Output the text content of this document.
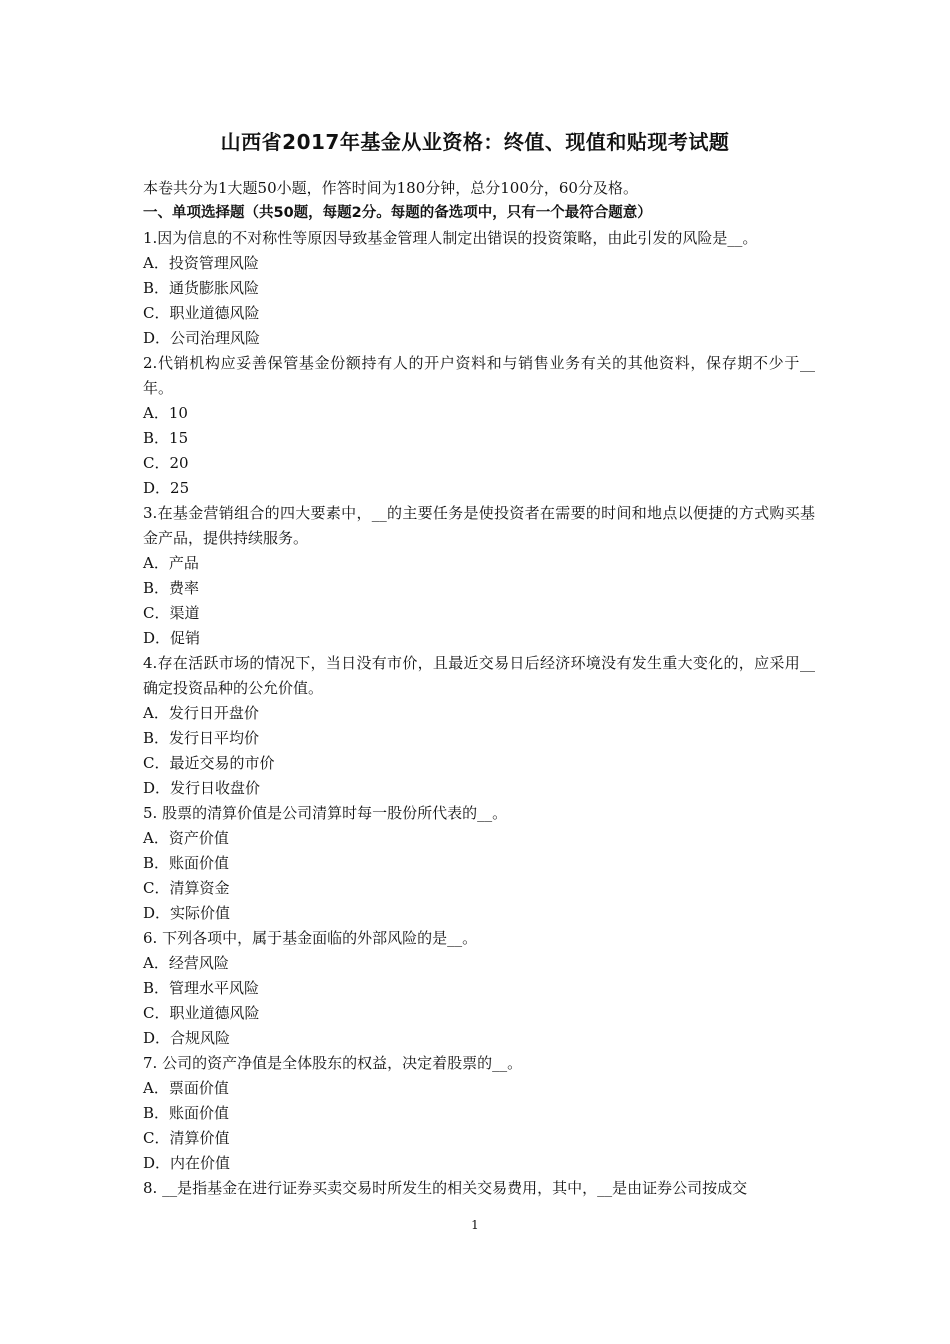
山西省2017年基金从业资格：终值、现值和贴现考试题
本卷共分为1大题50小题，作答时间为180分钟，总分100分，60分及格。
一、单项选择题（共50题，每题2分。每题的备选项中，只有一个最符合题意）
1.因为信息的不对称性等原因导致基金管理人制定出错误的投资策略，由此引发的风险是__。
A．投资管理风险
B．通货膨胀风险
C．职业道德风险
D．公司治理风险
2.代销机构应妥善保管基金份额持有人的开户资料和与销售业务有关的其他资料，保存期不少于__年。
A．10
B．15
C．20
D．25
3.在基金营销组合的四大要素中，__的主要任务是使投资者在需要的时间和地点以便捷的方式购买基金产品，提供持续服务。
A．产品
B．费率
C．渠道
D．促销
4.存在活跃市场的情况下，当日没有市价，且最近交易日后经济环境没有发生重大变化的，应采用__确定投资品种的公允价值。
A．发行日开盘价
B．发行日平均价
C．最近交易的市价
D．发行日收盘价
5. 股票的清算价值是公司清算时每一股份所代表的__。
A．资产价值
B．账面价值
C．清算资金
D．实际价值
6. 下列各项中，属于基金面临的外部风险的是__。
A．经营风险
B．管理水平风险
C．职业道德风险
D．合规风险
7. 公司的资产净值是全体股东的权益，决定着股票的__。
A．票面价值
B．账面价值
C．清算价值
D．内在价值
8. __是指基金在进行证券买卖交易时所发生的相关交易费用，其中，__是由证券公司按成交
1
